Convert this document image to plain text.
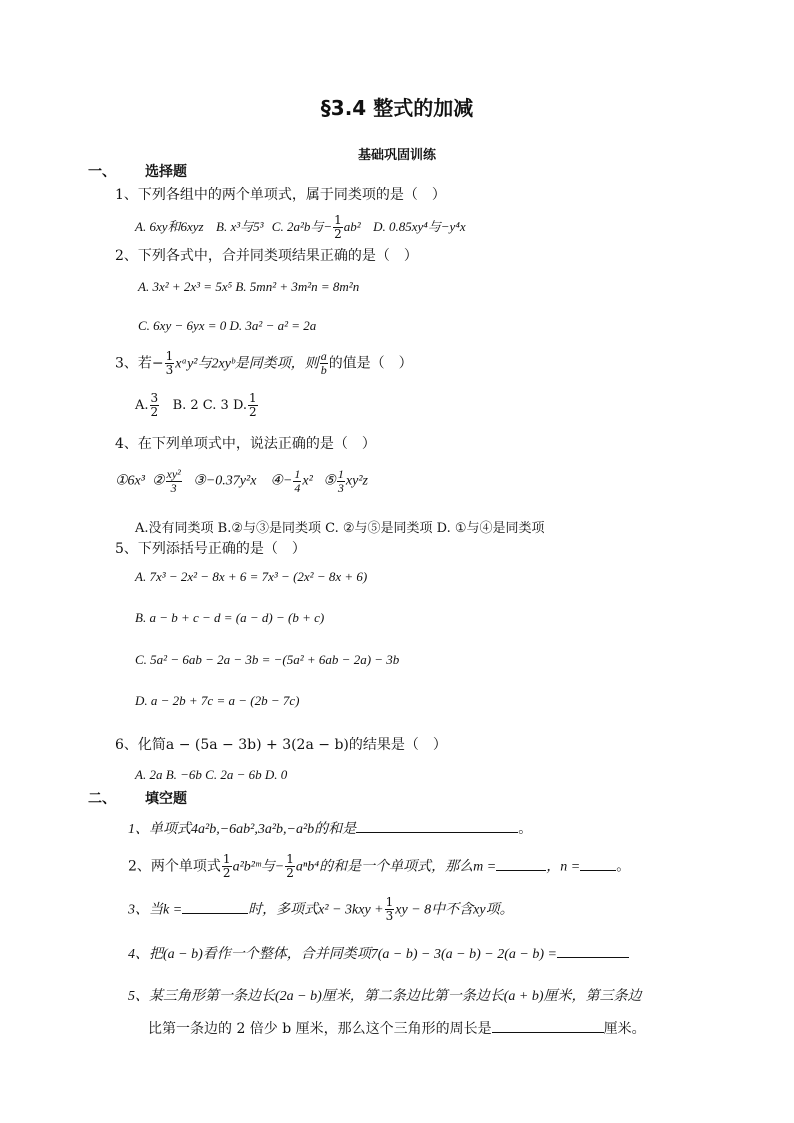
§3.4 整式的加减
基础巩固训练
一、 选择题
1、下列各组中的两个单项式，属于同类项的是（　）
A. 6xy和6xyz B. x³与5³ C. 2a²b与− $\frac{1}{2} ab^2$ D. 0.85xy⁴与−y⁴x
2、下列各式中，合并同类项结果正确的是（　）
A. 3x² + 2x³ = 5x⁵ B. 5mn² + 3m²n = 8m²n
C. 6xy − 6yx = 0 D. 3a² − a² = 2a
3、若− $\frac{1}{3}$ xᵃy²与2xyᵇ是同类项，则 $\frac{a}{b}$ 的值是（　）
A. $\frac{3}{2} B$. 2 C. 3 D. $\frac{1}{2}$
4、在下列单项式中，说法正确的是（　）
①6x³ ② $\frac{\text{xy²}}{3}$ ③−0.37y²x ④− $\frac{1}{4} x^2$ ⑤ $\frac{1}{3} xy^2z$
A.没有同类项 B.②与③是同类项 C. ②与⑤是同类项 D. ①与④是同类项
5、下列添括号正确的是（　）
A. 7x³ − 2x² − 8x + 6 = 7x³ − (2x² − 8x + 6)
B. a − b + c − d = (a − d) − (b + c)
C. 5a² − 6ab − 2a − 3b = −(5a² + 6ab − 2a) − 3b
D. a − 2b + 7c = a − (2b − 7c)
6、化简a − (5a − 3b) + 3(2a − b)的结果是（　）
A. 2a B. −6b C. 2a − 6b D. 0
二、 填空题
1、单项式4a²b,−6ab²,3a²b,−a²b的和是	。
2、两个单项式 $\frac{1}{2}$ a²b²ᵐ与− $\frac{1}{2} a^nb^4$的和是一个单项式，那么m =	，n =	。
3、当k =	时，多项式$x^2 - 3kxy + \frac{1}{3}$ xy − 8中不含xy项。
4、把(a − b)看作一个整体，合并同类项7(a − b) − 3(a − b) − 2(a − b) =
5、某三角形第一条边长(2a − b)厘米，第二条边比第一条边长(a + b)厘米，第三条边
比第一条边的 2 倍少 b 厘米，那么这个三角形的周长是	厘米。
